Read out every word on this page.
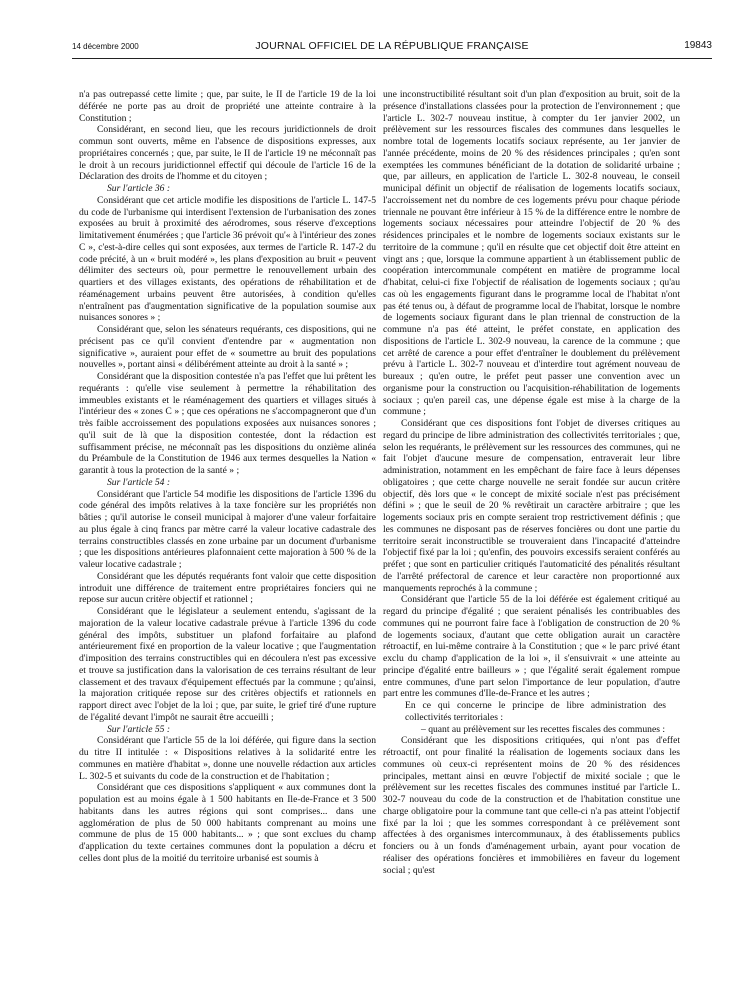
14 décembre 2000	JOURNAL OFFICIEL DE LA RÉPUBLIQUE FRANÇAISE	19843

n'a pas outrepassé cette limite ; que, par suite, le II de l'article 19 de la loi déférée ne porte pas au droit de propriété une atteinte contraire à la Constitution ;

Considérant, en second lieu, que les recours juridictionnels de droit commun sont ouverts, même en l'absence de dispositions expresses, aux propriétaires concernés ; que, par suite, le II de l'article 19 ne méconnaît pas le droit à un recours juridictionnel effectif qui découle de l'article 16 de la Déclaration des droits de l'homme et du citoyen ;

Sur l'article 36 :

Considérant que cet article modifie les dispositions de l'article L. 147-5 du code de l'urbanisme qui interdisent l'extension de l'urbanisation des zones exposées au bruit à proximité des aérodromes, sous réserve d'exceptions limitativement énumérées ; que l'article 36 prévoit qu'« à l'intérieur des zones C », c'est-à-dire celles qui sont exposées, aux termes de l'article R. 147-2 du code précité, à un « bruit modéré », les plans d'exposition au bruit « peuvent délimiter des secteurs où, pour permettre le renouvellement urbain des quartiers et des villages existants, des opérations de réhabilitation et de réaménagement urbains peuvent être autorisées, à condition qu'elles n'entraînent pas d'augmentation significative de la population soumise aux nuisances sonores » ;

Considérant que, selon les sénateurs requérants, ces dispositions, qui ne précisent pas ce qu'il convient d'entendre par « augmentation non significative », auraient pour effet de « soumettre au bruit des populations nouvelles », portant ainsi « délibérément atteinte au droit à la santé » ;

Considérant que la disposition contestée n'a pas l'effet que lui prêtent les requérants : qu'elle vise seulement à permettre la réhabilitation des immeubles existants et le réaménagement des quartiers et villages situés à l'intérieur des « zones C » ; que ces opérations ne s'accompagneront que d'un très faible accroissement des populations exposées aux nuisances sonores ; qu'il suit de là que la disposition contestée, dont la rédaction est suffisamment précise, ne méconnaît pas les dispositions du onzième alinéa du Préambule de la Constitution de 1946 aux termes desquelles la Nation « garantit à tous la protection de la santé » ;

Sur l'article 54 :

Considérant que l'article 54 modifie les dispositions de l'article 1396 du code général des impôts relatives à la taxe foncière sur les propriétés non bâties ; qu'il autorise le conseil municipal à majorer d'une valeur forfaitaire au plus égale à cinq francs par mètre carré la valeur locative cadastrale des terrains constructibles classés en zone urbaine par un document d'urbanisme ; que les dispositions antérieures plafonnaient cette majoration à 500 % de la valeur locative cadastrale ;

Considérant que les députés requérants font valoir que cette disposition introduit une différence de traitement entre propriétaires fonciers qui ne repose sur aucun critère objectif et rationnel ;

Considérant que le législateur a seulement entendu, s'agissant de la majoration de la valeur locative cadastrale prévue à l'article 1396 du code général des impôts, substituer un plafond forfaitaire au plafond antérieurement fixé en proportion de la valeur locative ; que l'augmentation d'imposition des terrains constructibles qui en découlera n'est pas excessive et trouve sa justification dans la valorisation de ces terrains résultant de leur classement et des travaux d'équipement effectués par la commune ; qu'ainsi, la majoration critiquée repose sur des critères objectifs et rationnels en rapport direct avec l'objet de la loi ; que, par suite, le grief tiré d'une rupture de l'égalité devant l'impôt ne saurait être accueilli ;

Sur l'article 55 :

Considérant que l'article 55 de la loi déférée, qui figure dans la section du titre II intitulée : « Dispositions relatives à la solidarité entre les communes en matière d'habitat », donne une nouvelle rédaction aux articles L. 302-5 et suivants du code de la construction et de l'habitation ;

Considérant que ces dispositions s'appliquent « aux communes dont la population est au moins égale à 1 500 habitants en Ile-de-France et 3 500 habitants dans les autres régions qui sont comprises... dans une agglomération de plus de 50 000 habitants comprenant au moins une commune de plus de 15 000 habitants... » ; que sont exclues du champ d'application du texte certaines communes dont la population a décru et celles dont plus de la moitié du territoire urbanisé est soumis à

une inconstructibilité résultant soit d'un plan d'exposition au bruit, soit de la présence d'installations classées pour la protection de l'environnement ; que l'article L. 302-7 nouveau institue, à compter du 1er janvier 2002, un prélèvement sur les ressources fiscales des communes dans lesquelles le nombre total de logements locatifs sociaux représente, au 1er janvier de l'année précédente, moins de 20 % des résidences principales ; qu'en sont exemptées les communes bénéficiant de la dotation de solidarité urbaine ; que, par ailleurs, en application de l'article L. 302-8 nouveau, le conseil municipal définit un objectif de réalisation de logements locatifs sociaux, l'accroissement net du nombre de ces logements prévu pour chaque période triennale ne pouvant être inférieur à 15 % de la différence entre le nombre de logements sociaux nécessaires pour atteindre l'objectif de 20 % des résidences principales et le nombre de logements sociaux existants sur le territoire de la commune ; qu'il en résulte que cet objectif doit être atteint en vingt ans ; que, lorsque la commune appartient à un établissement public de coopération intercommunale compétent en matière de programme local d'habitat, celui-ci fixe l'objectif de réalisation de logements sociaux ; qu'au cas où les engagements figurant dans le programme local de l'habitat n'ont pas été tenus ou, à défaut de programme local de l'habitat, lorsque le nombre de logements sociaux figurant dans le plan triennal de construction de la commune n'a pas été atteint, le préfet constate, en application des dispositions de l'article L. 302-9 nouveau, la carence de la commune ; que cet arrêté de carence a pour effet d'entraîner le doublement du prélèvement prévu à l'article L. 302-7 nouveau et d'interdire tout agrément nouveau de bureaux ; qu'en outre, le préfet peut passer une convention avec un organisme pour la construction ou l'acquisition-réhabilitation de logements sociaux ; qu'en pareil cas, une dépense égale est mise à la charge de la commune ;

Considérant que ces dispositions font l'objet de diverses critiques au regard du principe de libre administration des collectivités territoriales ; que, selon les requérants, le prélèvement sur les ressources des communes, qui ne fait l'objet d'aucune mesure de compensation, entraverait leur libre administration, notamment en les empêchant de faire face à leurs dépenses obligatoires ; que cette charge nouvelle ne serait fondée sur aucun critère objectif, dès lors que « le concept de mixité sociale n'est pas précisément défini » ; que le seuil de 20 % revêtirait un caractère arbitraire ; que les logements sociaux pris en compte seraient trop restrictivement définis ; que les communes ne disposant pas de réserves foncières ou dont une partie du territoire serait inconstructible se trouveraient dans l'incapacité d'atteindre l'objectif fixé par la loi ; qu'enfin, des pouvoirs excessifs seraient conférés au préfet ; que sont en particulier critiqués l'automaticité des pénalités résultant de l'arrêté préfectoral de carence et leur caractère non proportionné aux manquements reprochés à la commune ;

Considérant que l'article 55 de la loi déférée est également critiqué au regard du principe d'égalité ; que seraient pénalisés les contribuables des communes qui ne pourront faire face à l'obligation de construction de 20 % de logements sociaux, d'autant que cette obligation aurait un caractère rétroactif, en lui-même contraire à la Constitution ; que « le parc privé étant exclu du champ d'application de la loi », il s'ensuivrait « une atteinte au principe d'égalité entre bailleurs » ; que l'égalité serait également rompue entre communes, d'une part selon l'importance de leur population, d'autre part entre les communes d'Ile-de-France et les autres ;

En ce qui concerne le principe de libre administration des collectivités territoriales :

– quant au prélèvement sur les recettes fiscales des communes :

Considérant que les dispositions critiquées, qui n'ont pas d'effet rétroactif, ont pour finalité la réalisation de logements sociaux dans les communes où ceux-ci représentent moins de 20 % des résidences principales, mettant ainsi en œuvre l'objectif de mixité sociale ; que le prélèvement sur les recettes fiscales des communes institué par l'article L. 302-7 nouveau du code de la construction et de l'habitation constitue une charge obligatoire pour la commune tant que celle-ci n'a pas atteint l'objectif fixé par la loi ; que les sommes correspondant à ce prélèvement sont affectées à des organismes intercommunaux, à des établissements publics fonciers ou à un fonds d'aménagement urbain, ayant pour vocation de réaliser des opérations foncières et immobilières en faveur du logement social ; qu'est
